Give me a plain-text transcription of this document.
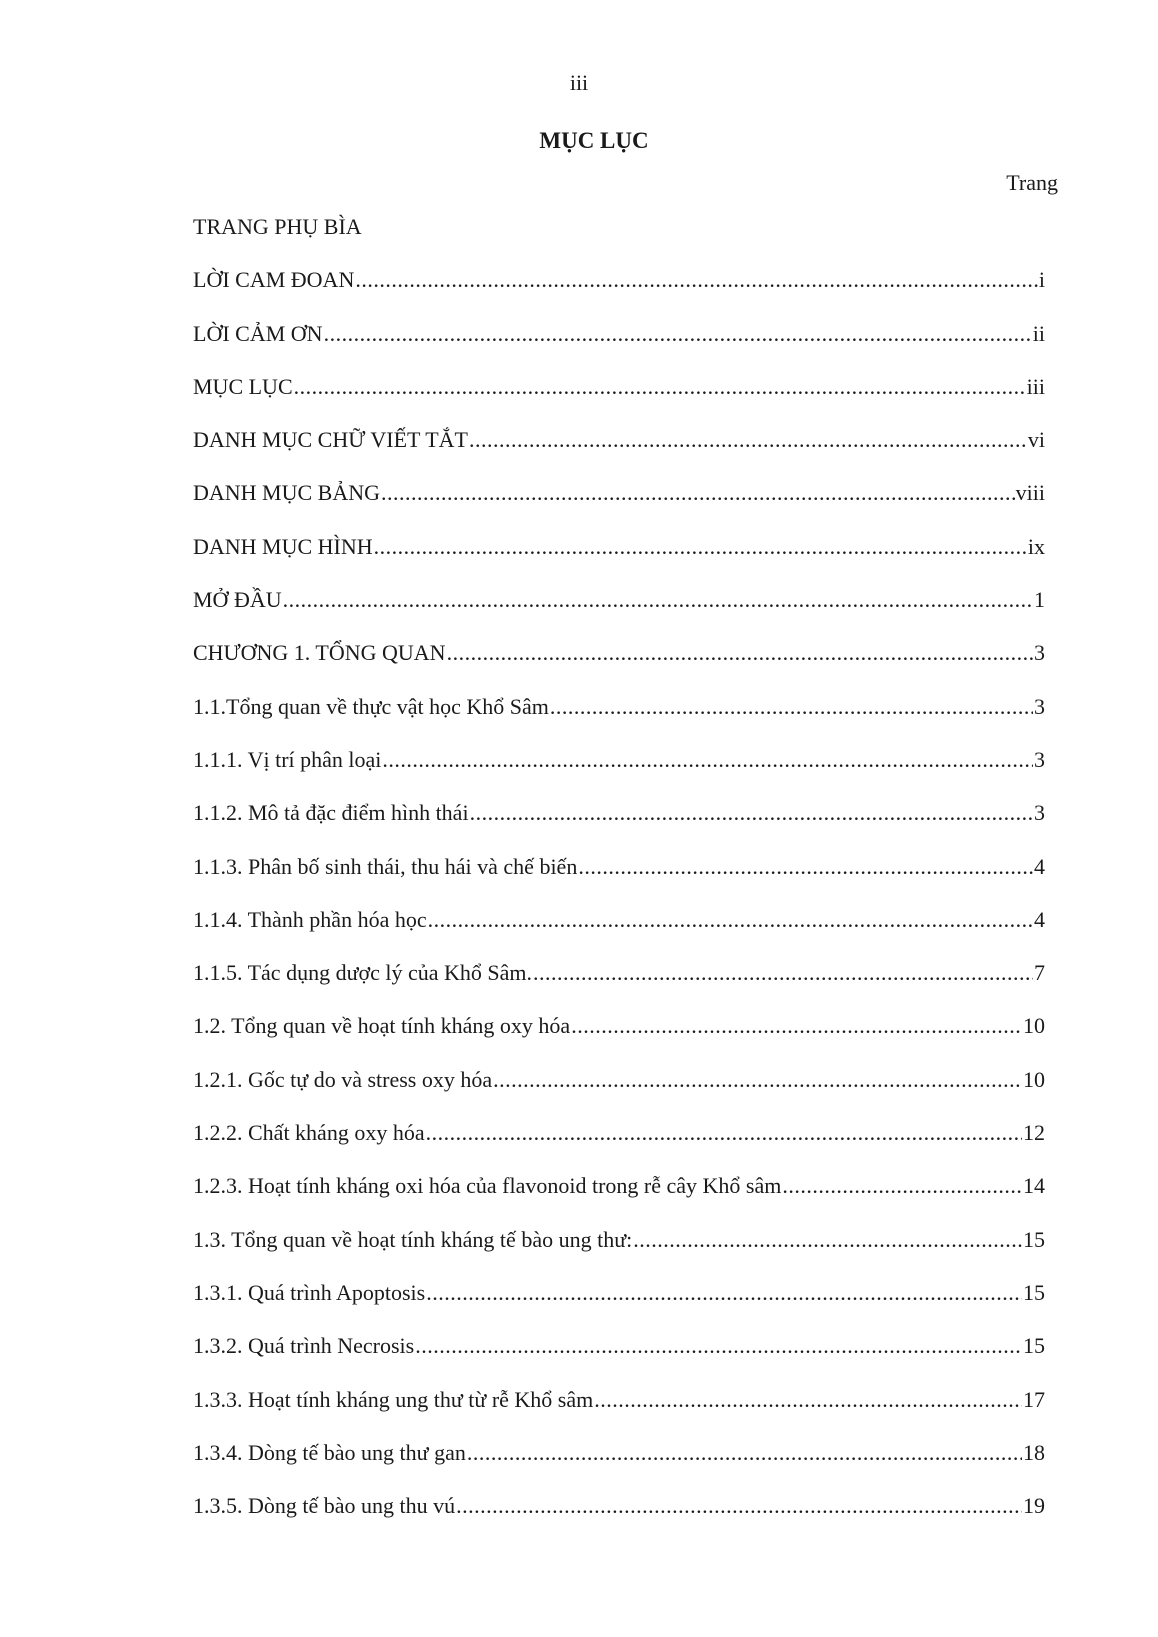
iii
MỤC LỤC
Trang
TRANG PHỤ BÌA
LỜI CAM ĐOAN .....	i
LỜI CẢM ƠN .....	ii
MỤC LỤC .....	iii
DANH MỤC CHỮ VIẾT TẮT .....	vi
DANH MỤC BẢNG .....	viii
DANH MỤC HÌNH .....	ix
MỞ ĐẦU .....	1
CHƯƠNG 1. TỔNG QUAN .....	3
1.1.Tổng quan về thực vật học Khổ Sâm .....	3
1.1.1. Vị trí phân loại .....	3
1.1.2. Mô tả đặc điểm hình thái .....	3
1.1.3. Phân bố sinh thái, thu hái và chế biến .....	4
1.1.4. Thành phần hóa học .....	4
1.1.5. Tác dụng dược lý của Khổ Sâm. .....	7
1.2. Tổng quan về hoạt tính kháng oxy hóa .....	10
1.2.1. Gốc tự do và stress oxy hóa .....	10
1.2.2. Chất kháng oxy hóa .....	12
1.2.3. Hoạt tính kháng oxi hóa của flavonoid trong rễ cây Khổ sâm .....	14
1.3. Tổng quan về hoạt tính kháng tế bào ung thư: .....	15
1.3.1. Quá trình Apoptosis .....	15
1.3.2. Quá trình Necrosis .....	15
1.3.3. Hoạt tính kháng ung thư từ rễ Khổ sâm .....	17
1.3.4. Dòng tế bào ung thư gan .....	18
1.3.5. Dòng tế bào ung thu vú .....	19
